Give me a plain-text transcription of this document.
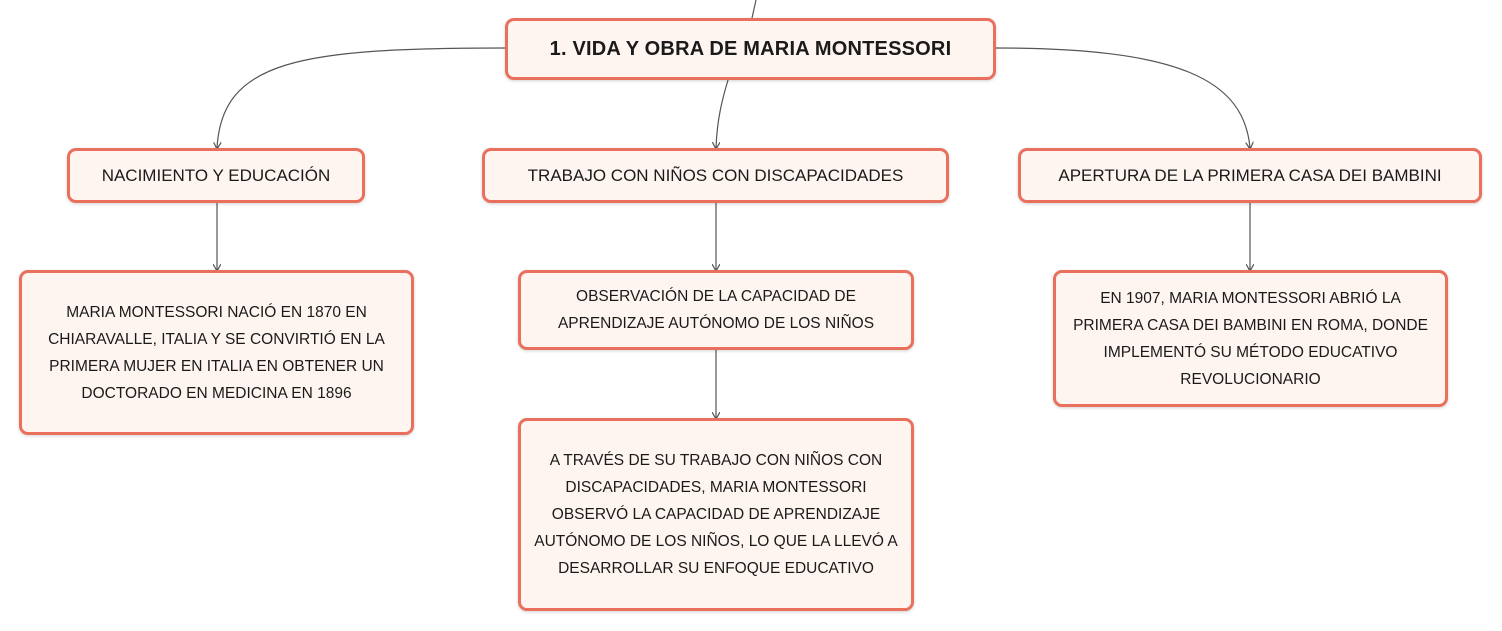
1. VIDA Y OBRA DE MARIA MONTESSORI
NACIMIENTO Y EDUCACIÓN	TRABAJO CON NIÑOS CON DISCAPACIDADES	APERTURA DE LA PRIMERA CASA DEI BAMBINI
MARIA MONTESSORI NACIÓ EN 1870 EN CHIARAVALLE, ITALIA Y SE CONVIRTIÓ EN LA PRIMERA MUJER EN ITALIA EN OBTENER UN DOCTORADO EN MEDICINA EN 1896
OBSERVACIÓN DE LA CAPACIDAD DE APRENDIZAJE AUTÓNOMO DE LOS NIÑOS
A TRAVÉS DE SU TRABAJO CON NIÑOS CON DISCAPACIDADES, MARIA MONTESSORI OBSERVÓ LA CAPACIDAD DE APRENDIZAJE AUTÓNOMO DE LOS NIÑOS, LO QUE LA LLEVÓ A DESARROLLAR SU ENFOQUE EDUCATIVO
EN 1907, MARIA MONTESSORI ABRIÓ LA PRIMERA CASA DEI BAMBINI EN ROMA, DONDE IMPLEMENTÓ SU MÉTODO EDUCATIVO REVOLUCIONARIO
